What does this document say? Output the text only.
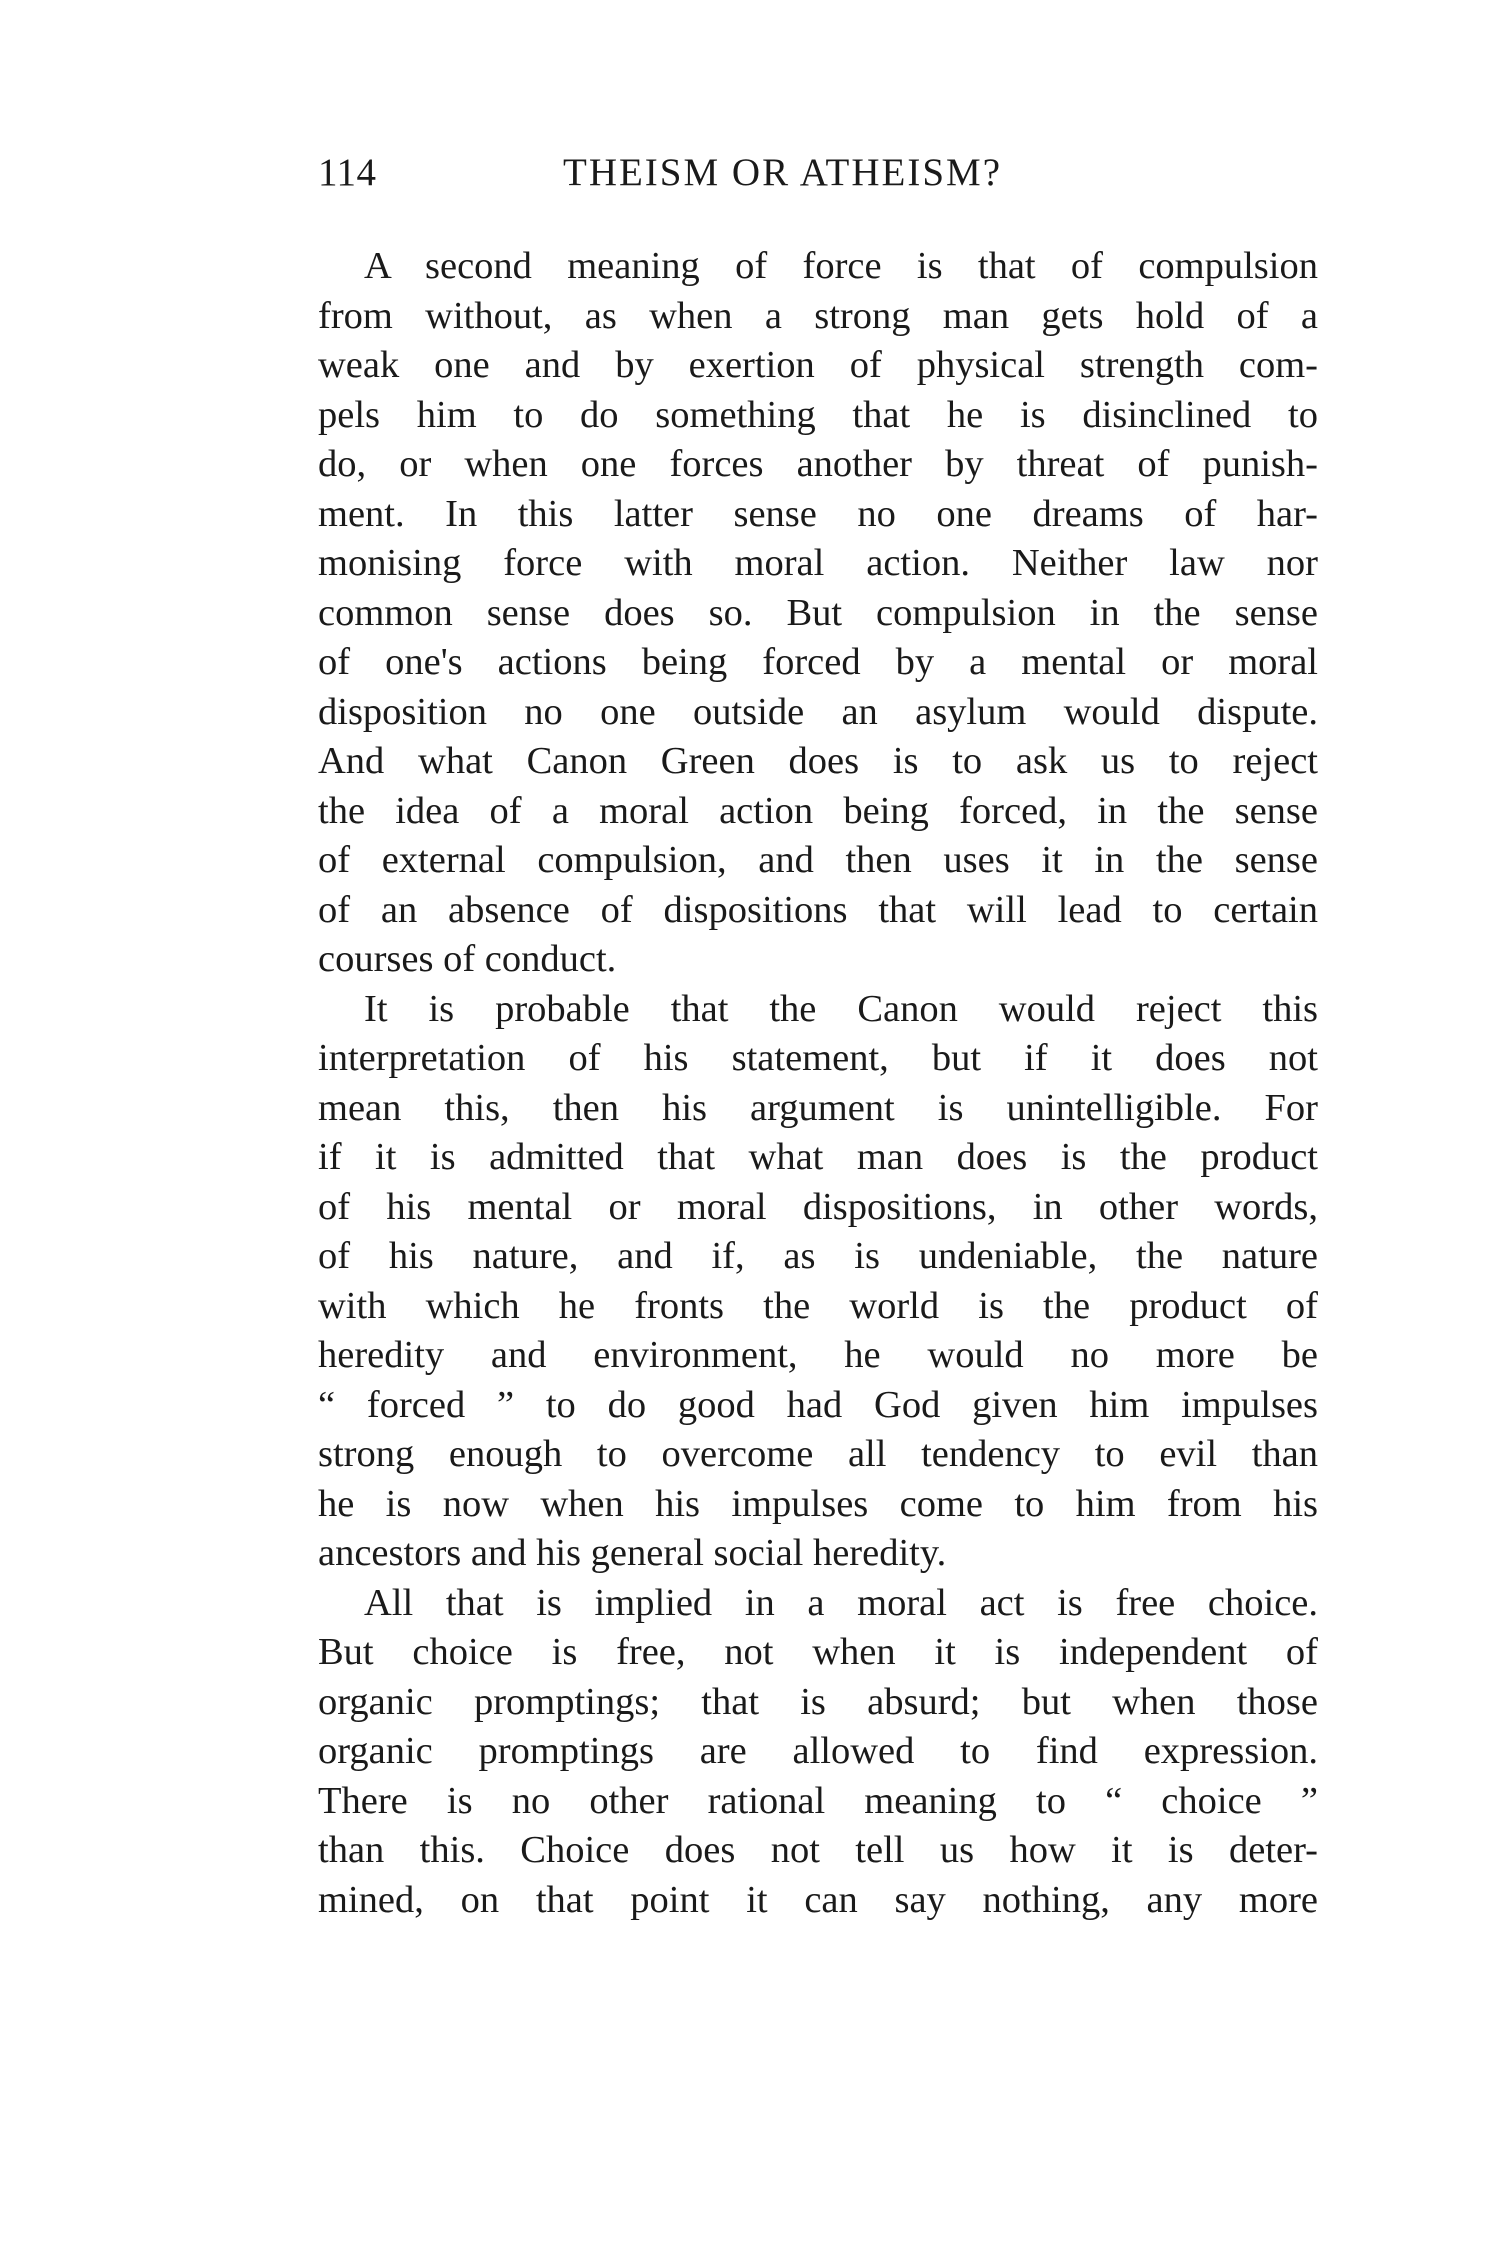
114	THEISM OR ATHEISM?
A second meaning of force is that of compulsion
from without, as when a strong man gets hold of a
weak one and by exertion of physical strength com-
pels him to do something that he is disinclined to
do, or when one forces another by threat of punish-
ment. In this latter sense no one dreams of har-
monising force with moral action. Neither law nor
common sense does so. But compulsion in the sense
of one's actions being forced by a mental or moral
disposition no one outside an asylum would dispute.
And what Canon Green does is to ask us to reject
the idea of a moral action being forced, in the sense
of external compulsion, and then uses it in the sense
of an absence of dispositions that will lead to certain
courses of conduct.
It is probable that the Canon would reject this
interpretation of his statement, but if it does not
mean this, then his argument is unintelligible. For
if it is admitted that what man does is the product
of his mental or moral dispositions, in other words,
of his nature, and if, as is undeniable, the nature
with which he fronts the world is the product of
heredity and environment, he would no more be
“ forced ” to do good had God given him impulses
strong enough to overcome all tendency to evil than
he is now when his impulses come to him from his
ancestors and his general social heredity.
All that is implied in a moral act is free choice.
But choice is free, not when it is independent of
organic promptings; that is absurd; but when those
organic promptings are allowed to find expression.
There is no other rational meaning to “ choice ”
than this. Choice does not tell us how it is deter-
mined, on that point it can say nothing, any more
